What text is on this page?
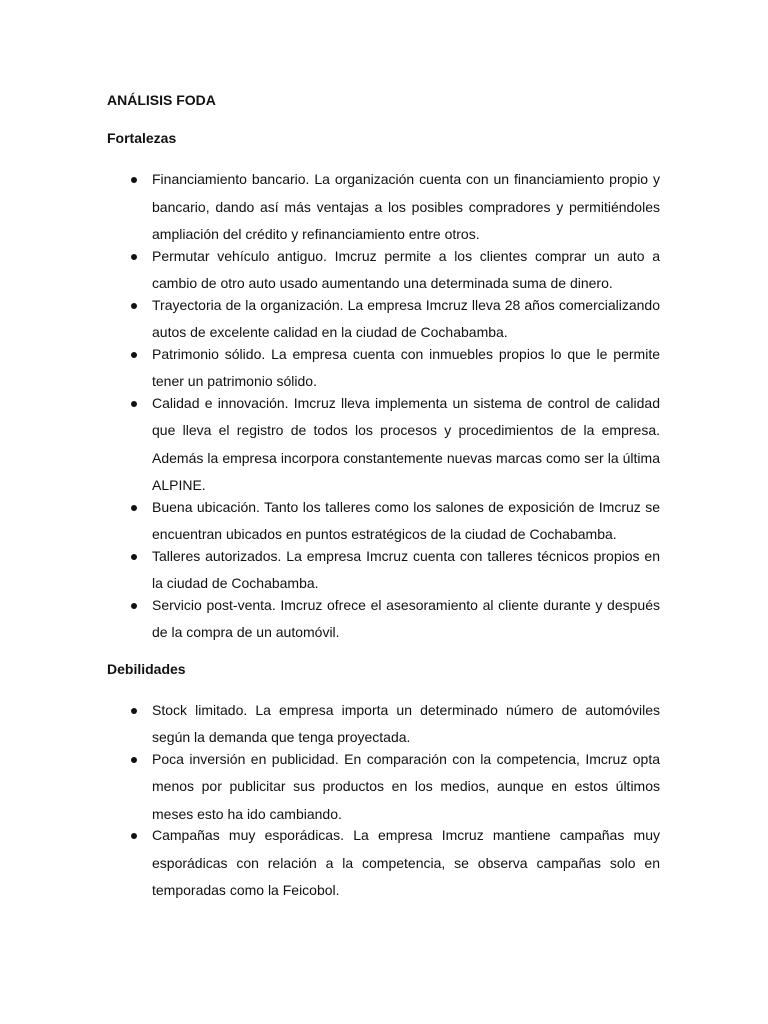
ANÁLISIS FODA
Fortalezas
Financiamiento bancario. La organización cuenta con un financiamiento propio y bancario, dando así más ventajas a los posibles compradores y permitiéndoles ampliación del crédito y refinanciamiento entre otros.
Permutar vehículo antiguo. Imcruz permite a los clientes comprar un auto a cambio de otro auto usado aumentando una determinada suma de dinero.
Trayectoria de la organización. La empresa Imcruz lleva 28 años comercializando autos de excelente calidad en la ciudad de Cochabamba.
Patrimonio sólido. La empresa cuenta con inmuebles propios lo que le permite tener un patrimonio sólido.
Calidad e innovación. Imcruz lleva implementa un sistema de control de calidad que lleva el registro de todos los procesos y procedimientos de la empresa. Además la empresa incorpora constantemente nuevas marcas como ser la última ALPINE.
Buena ubicación. Tanto los talleres como los salones de exposición de Imcruz se encuentran ubicados en puntos estratégicos de la ciudad de Cochabamba.
Talleres autorizados. La empresa Imcruz cuenta con talleres técnicos propios en la ciudad de Cochabamba.
Servicio post-venta. Imcruz ofrece el asesoramiento al cliente durante y después de la compra de un automóvil.
Debilidades
Stock limitado. La empresa importa un determinado número de automóviles según la demanda que tenga proyectada.
Poca inversión en publicidad. En comparación con la competencia, Imcruz opta menos por publicitar sus productos en los medios, aunque en estos últimos meses esto ha ido cambiando.
Campañas muy esporádicas. La empresa Imcruz mantiene campañas muy esporádicas con relación a la competencia, se observa campañas solo en temporadas como la Feicobol.
